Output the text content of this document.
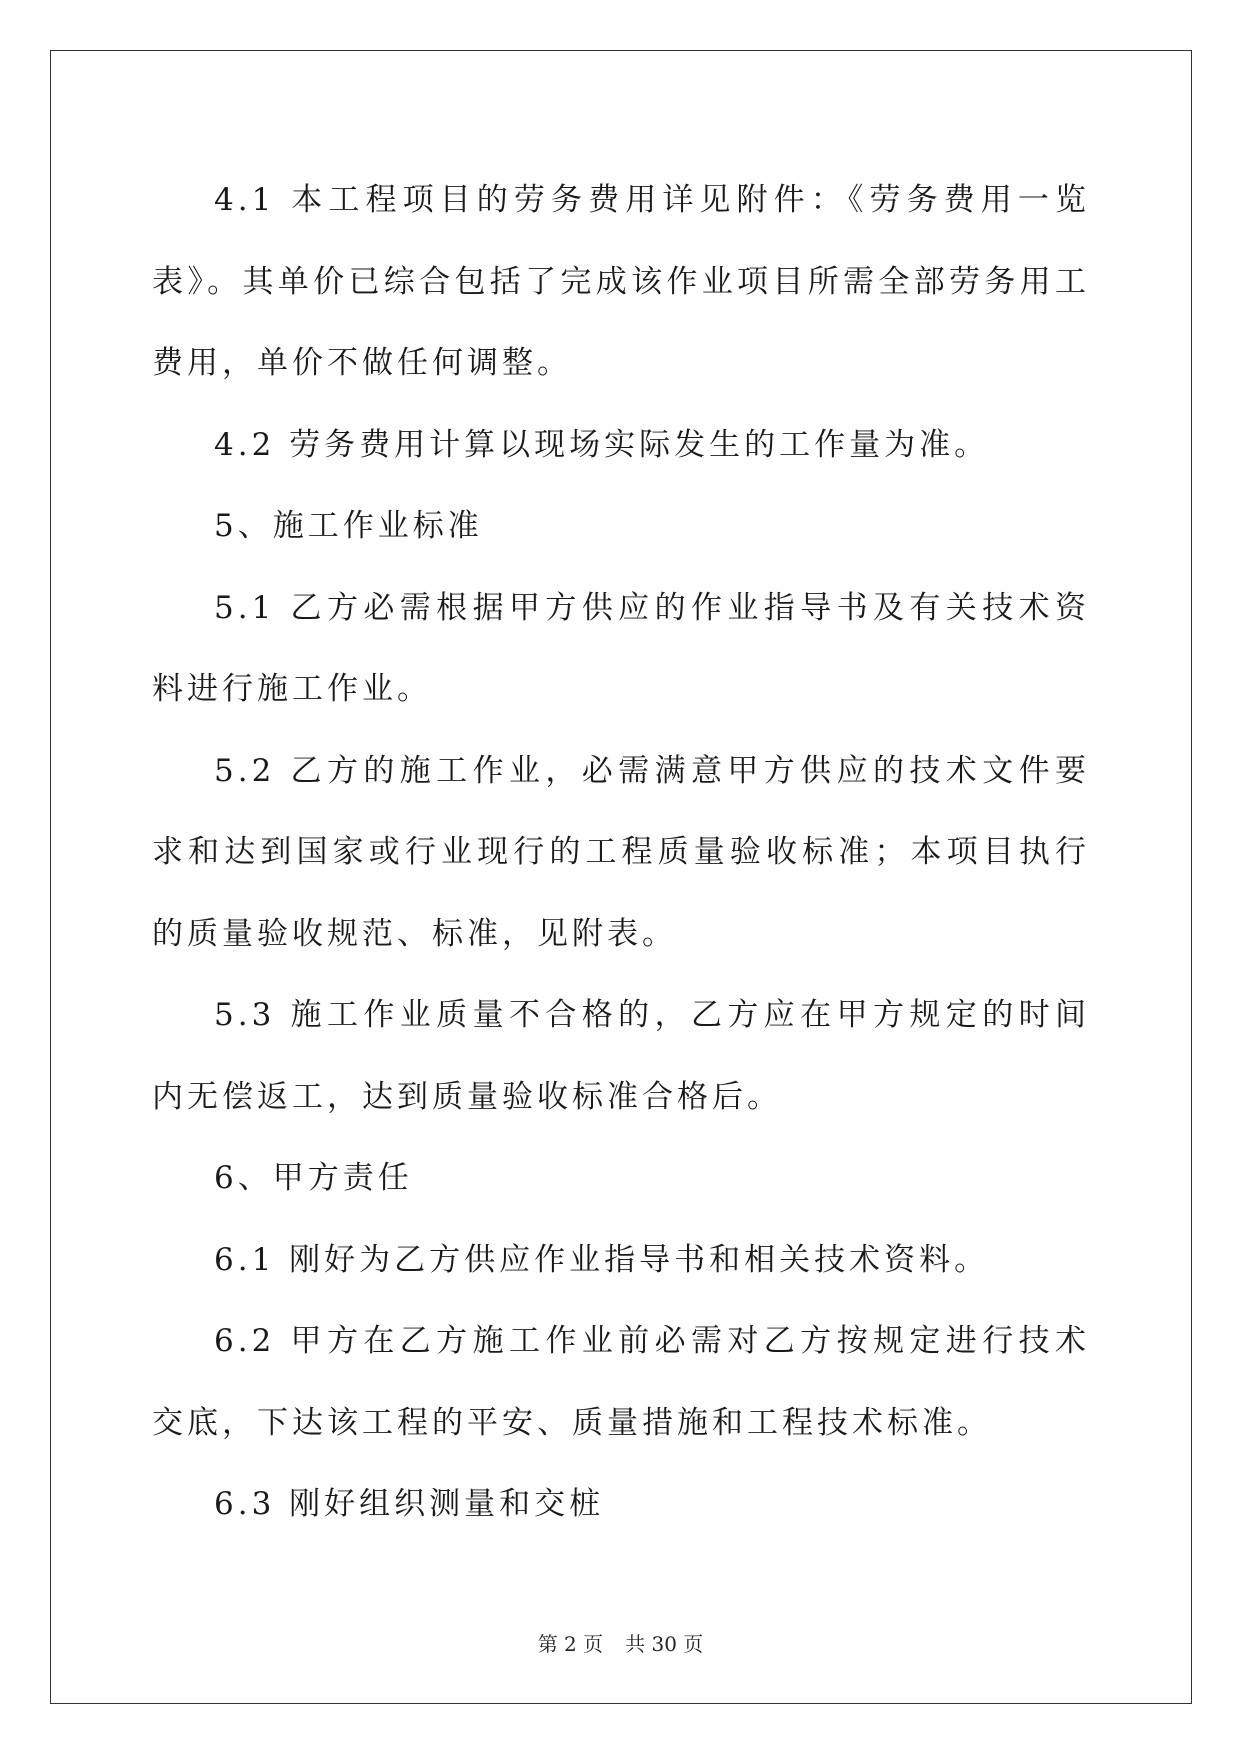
4.1 本工程项目的劳务费用详见附件：《劳务费用一览表》。其单价已综合包括了完成该作业项目所需全部劳务用工费用，单价不做任何调整。

4.2 劳务费用计算以现场实际发生的工作量为准。

5、施工作业标准

5.1 乙方必需根据甲方供应的作业指导书及有关技术资料进行施工作业。

5.2 乙方的施工作业，必需满意甲方供应的技术文件要求和达到国家或行业现行的工程质量验收标准；本项目执行的质量验收规范、标准，见附表。

5.3 施工作业质量不合格的，乙方应在甲方规定的时间内无偿返工，达到质量验收标准合格后。

6、甲方责任

6.1 刚好为乙方供应作业指导书和相关技术资料。

6.2 甲方在乙方施工作业前必需对乙方按规定进行技术交底，下达该工程的平安、质量措施和工程技术标准。

6.3 刚好组织测量和交桩

第 2 页 共 30 页
